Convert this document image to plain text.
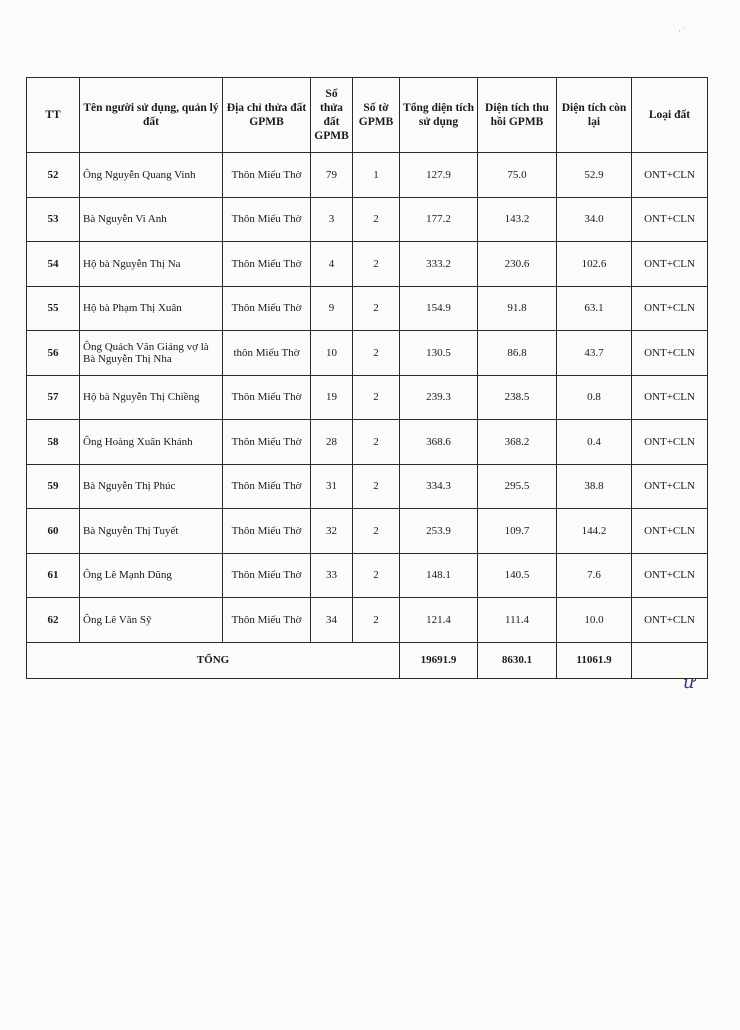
TT	Tên người sử dụng, quản lý đất	Địa chỉ thửa đất GPMB	Số thửa đất GPMB	Số tờ GPMB	Tổng diện tích sử dụng	Diện tích thu hồi GPMB	Diện tích còn lại	Loại đất
52	Ông Nguyễn Quang Vinh	Thôn Miếu Thờ	79	1	127.9	75.0	52.9	ONT+CLN
53	Bà Nguyễn Vi Anh	Thôn Miếu Thờ	3	2	177.2	143.2	34.0	ONT+CLN
54	Hộ bà Nguyễn Thị Na	Thôn Miếu Thờ	4	2	333.2	230.6	102.6	ONT+CLN
55	Hộ bà Phạm Thị Xuân	Thôn Miếu Thờ	9	2	154.9	91.8	63.1	ONT+CLN
56	Ông Quách Văn Giảng vợ là Bà Nguyễn Thị Nha	thôn Miếu Thờ	10	2	130.5	86.8	43.7	ONT+CLN
57	Hộ bà Nguyễn Thị Chiềng	Thôn Miếu Thờ	19	2	239.3	238.5	0.8	ONT+CLN
58	Ông Hoàng Xuân Khánh	Thôn Miếu Thờ	28	2	368.6	368.2	0.4	ONT+CLN
59	Bà Nguyễn Thị Phúc	Thôn Miếu Thờ	31	2	334.3	295.5	38.8	ONT+CLN
60	Bà Nguyễn Thị Tuyết	Thôn Miếu Thờ	32	2	253.9	109.7	144.2	ONT+CLN
61	Ông Lê Mạnh Dũng	Thôn Miếu Thờ	33	2	148.1	140.5	7.6	ONT+CLN
62	Ông Lê Văn Sỹ	Thôn Miếu Thờ	34	2	121.4	111.4	10.0	ONT+CLN
TỔNG					19691.9	8630.1	11061.9	
· ˙
ư
